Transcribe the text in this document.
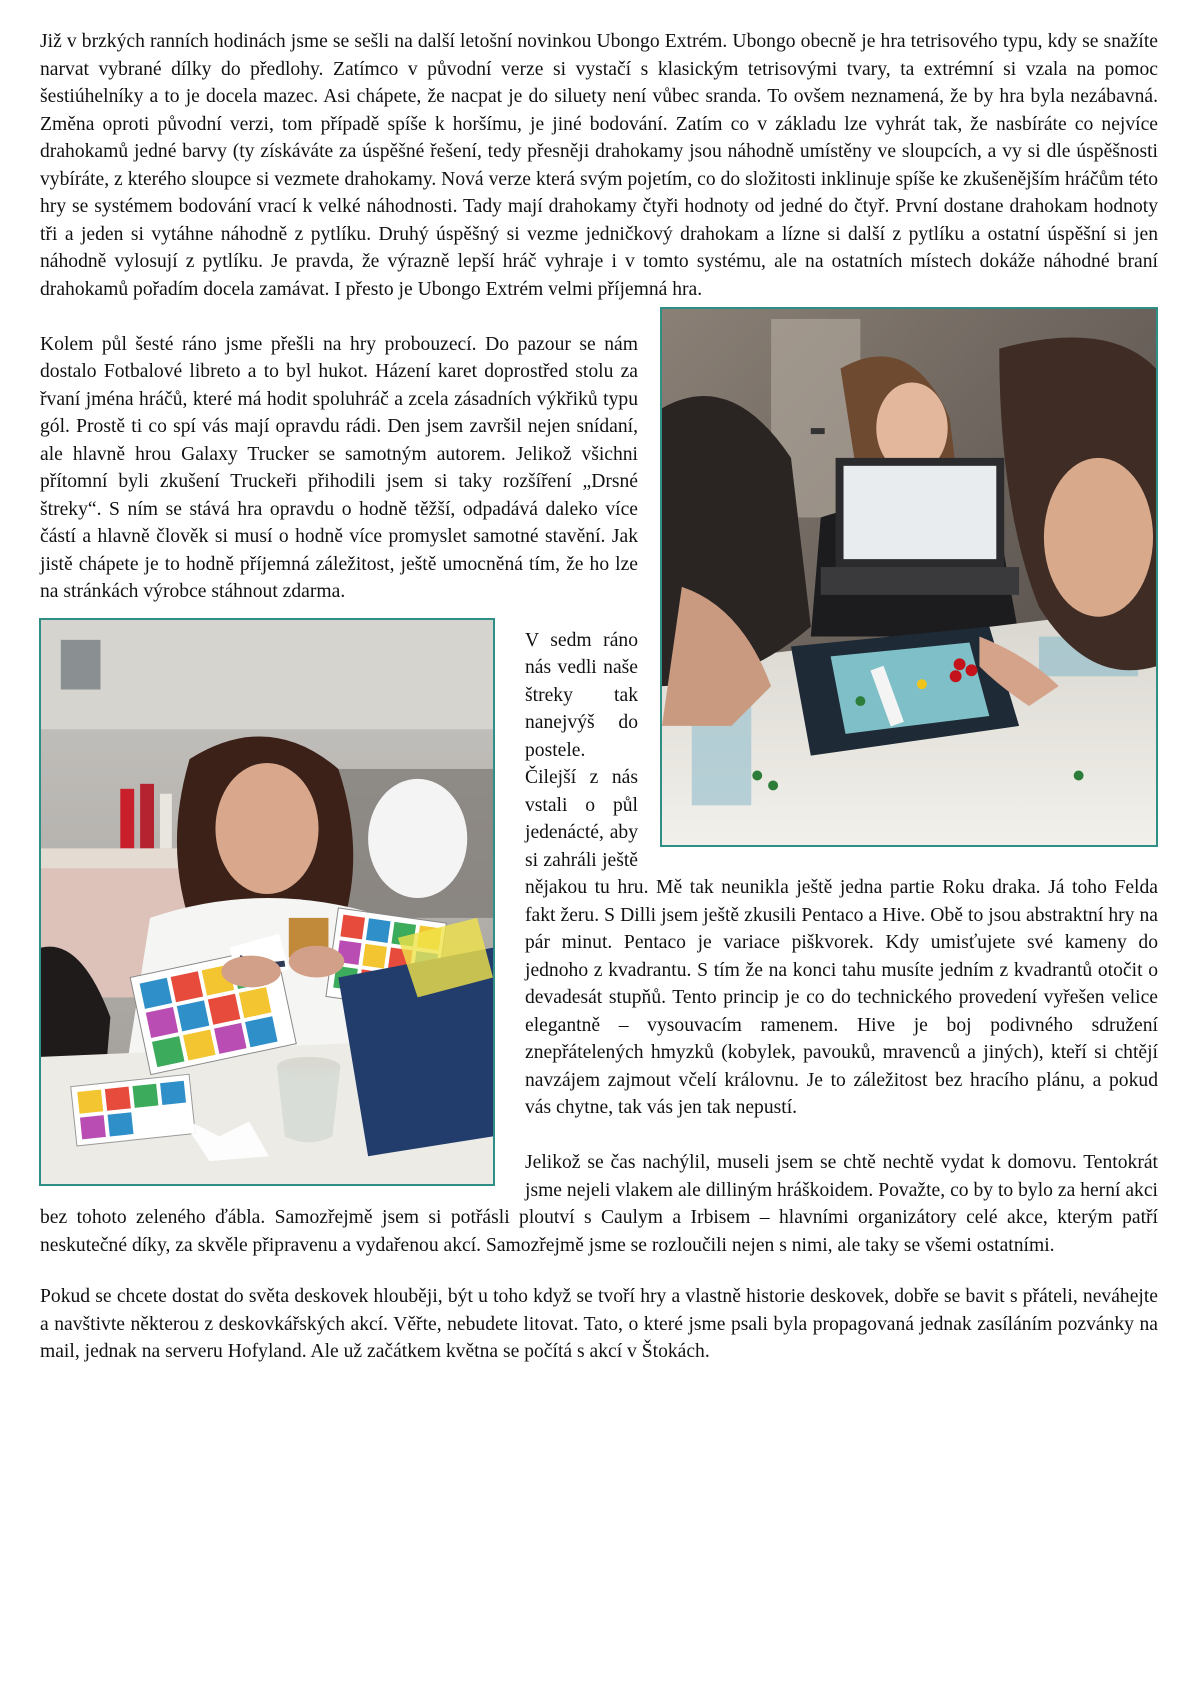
Již v brzkých ranních hodinách jsme se sešli na další letošní novinkou Ubongo Extrém. Ubongo obecně je hra tetrisového typu, kdy se snažíte narvat vybrané dílky do předlohy. Zatímco v původní verze si vystačí s klasickým tetrisovými tvary, ta extrémní si vzala na pomoc šestiúhelníky a to je docela mazec. Asi chápete, že nacpat je do siluety není vůbec sranda. To ovšem neznamená, že by hra byla nezábavná. Změna oproti původní verzi, tom případě spíše k horšímu, je jiné bodování. Zatím co v základu lze vyhrát tak, že nasbíráte co nejvíce drahokamů jedné barvy (ty získáváte za úspěšné řešení, tedy přesněji drahokamy jsou náhodně umístěny ve sloupcích, a vy si dle úspěšnosti vybíráte, z kterého sloupce si vezmete drahokamy. Nová verze která svým pojetím, co do složitosti inklinuje spíše ke zkušenějším hráčům této hry se systémem bodování vrací k velké náhodnosti. Tady mají drahokamy čtyři hodnoty od jedné do čtyř. První dostane drahokam hodnoty tři a jeden si vytáhne náhodně z pytlíku. Druhý úspěšný si vezme jedničkový drahokam a lízne si další z pytlíku a ostatní úspěšní si jen náhodně vylosují z pytlíku. Je pravda, že výrazně lepší hráč vyhraje i v tomto systému, ale na ostatních místech dokáže náhodné braní drahokamů pořadím docela zamávat. I přesto je Ubongo Extrém velmi příjemná hra.

Kolem půl šesté ráno jsme přešli na hry probouzecí. Do pazour se nám dostalo Fotbalové libreto a to byl hukot. Házení karet doprostřed stolu za řvaní jména hráčů, které má hodit spoluhráč a zcela zásadních výkřiků typu gól. Prostě ti co spí vás mají opravdu rádi. Den jsem završil nejen snídaní, ale hlavně hrou Galaxy Trucker se samotným autorem. Jelikož všichni přítomní byli zkušení Truckeři přihodili jsem si taky rozšíření „Drsné štreky“. S ním se stává hra opravdu o hodně těžší, odpadává daleko více částí a hlavně člověk si musí o hodně více promyslet samotné stavění. Jak jistě chápete je to hodně příjemná záležitost, ještě umocněná tím, že ho lze na stránkách výrobce stáhnout zdarma.

V sedm ráno nás vedli naše štreky tak nanejvýš do postele. Čilejší z nás vstali o půl jedenácté, aby si zahráli ještě nějakou tu hru. Mě tak neunikla ještě jedna partie Roku draka. Já toho Felda fakt žeru. S Dilli jsem ještě zkusili Pentaco a Hive. Obě to jsou abstraktní hry na pár minut. Pentaco je variace piškvorek. Kdy umisťujete své kameny do jednoho z kvadrantu. S tím že na konci tahu musíte jedním z kvadrantů otočit o devadesát stupňů. Tento princip je co do technického provedení vyřešen velice elegantně – vysouvacím ramenem. Hive je boj podivného sdružení znepřátelených hmyzků (kobylek, pavouků, mravenců a jiných), kteří si chtějí navzájem zajmout včelí královnu. Je to záležitost bez hracího plánu, a pokud vás chytne, tak vás jen tak nepustí.

Jelikož se čas nachýlil, museli jsem se chtě nechtě vydat k domovu. Tentokrát jsme nejeli vlakem ale dilliným hráškoidem. Považte, co by to bylo za herní akci bez tohoto zeleného ďábla. Samozřejmě jsem si potřásli ploutví s Caulym a Irbisem – hlavními organizátory celé akce, kterým patří neskutečné díky, za skvěle připravenu a vydařenou akcí. Samozřejmě jsme se rozloučili nejen s nimi, ale taky se všemi ostatními.

Pokud se chcete dostat do světa deskovek hlouběji, být u toho když se tvoří hry a vlastně historie deskovek, dobře se bavit s přáteli, neváhejte a navštivte některou z deskovkářských akcí. Věřte, nebudete litovat. Tato, o které jsme psali byla propagovaná jednak zasíláním pozvánky na mail, jednak na serveru Hofyland. Ale už začátkem května se počítá s akcí v Štokách.
